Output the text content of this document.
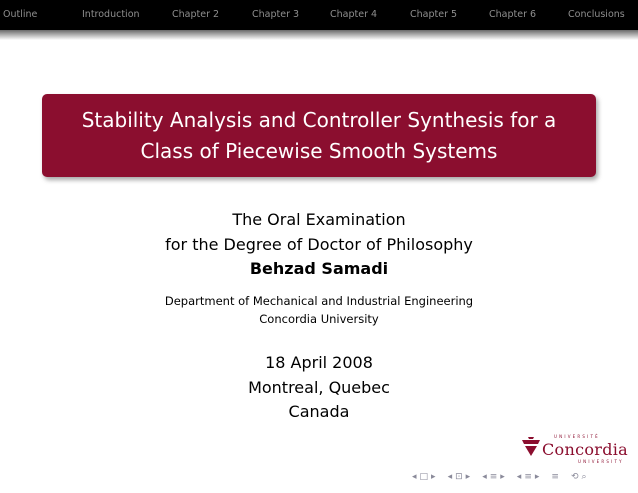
Outline	Introduction	Chapter 2	Chapter 3	Chapter 4	Chapter 5	Chapter 6	Conclusions
Stability Analysis and Controller Synthesis for a
Class of Piecewise Smooth Systems
The Oral Examination
for the Degree of Doctor of Philosophy
Behzad Samadi
Department of Mechanical and Industrial Engineering
Concordia University
18 April 2008
Montreal, Quebec
Canada
UNIVERSITÉ
Concordia
UNIVERSITY
◂ □ ▸ ◂ ⊡ ▸ ◂ ≡ ▸ ◂ ≡ ▸ ≡ ⟲ ⌕
